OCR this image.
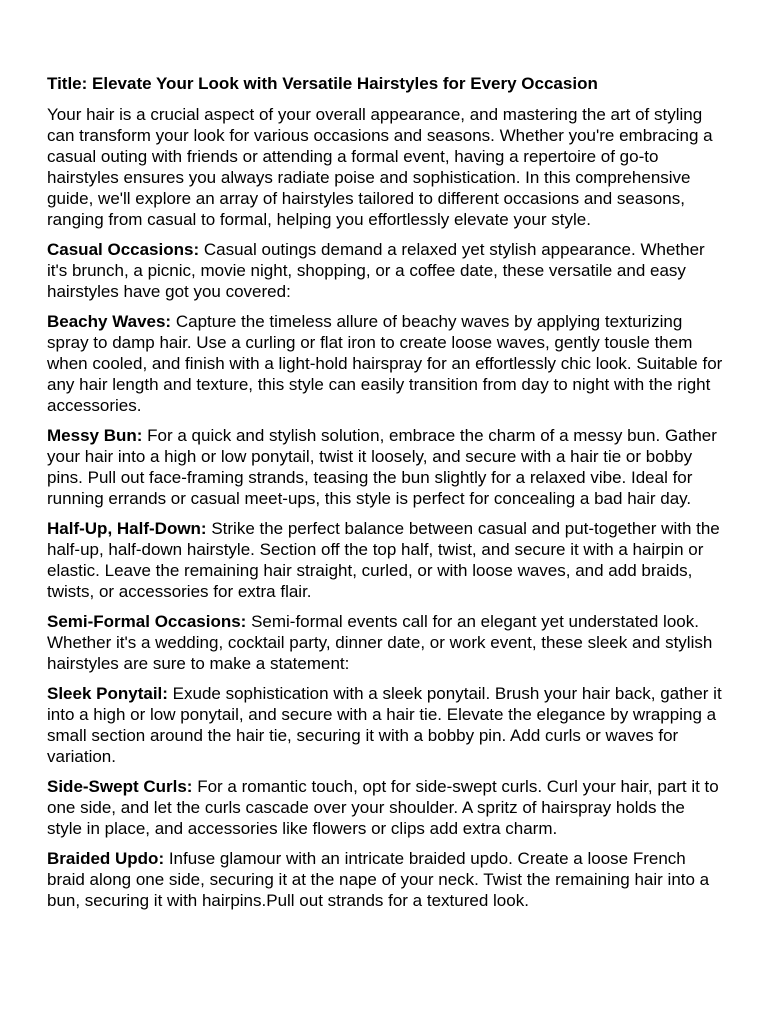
Title: Elevate Your Look with Versatile Hairstyles for Every Occasion

Your hair is a crucial aspect of your overall appearance, and mastering the art of styling can transform your look for various occasions and seasons. Whether you're embracing a casual outing with friends or attending a formal event, having a repertoire of go-to hairstyles ensures you always radiate poise and sophistication. In this comprehensive guide, we'll explore an array of hairstyles tailored to different occasions and seasons, ranging from casual to formal, helping you effortlessly elevate your style.

Casual Occasions: Casual outings demand a relaxed yet stylish appearance. Whether it's brunch, a picnic, movie night, shopping, or a coffee date, these versatile and easy hairstyles have got you covered:

Beachy Waves: Capture the timeless allure of beachy waves by applying texturizing spray to damp hair. Use a curling or flat iron to create loose waves, gently tousle them when cooled, and finish with a light-hold hairspray for an effortlessly chic look. Suitable for any hair length and texture, this style can easily transition from day to night with the right accessories.

Messy Bun: For a quick and stylish solution, embrace the charm of a messy bun. Gather your hair into a high or low ponytail, twist it loosely, and secure with a hair tie or bobby pins. Pull out face-framing strands, teasing the bun slightly for a relaxed vibe. Ideal for running errands or casual meet-ups, this style is perfect for concealing a bad hair day.

Half-Up, Half-Down: Strike the perfect balance between casual and put-together with the half-up, half-down hairstyle. Section off the top half, twist, and secure it with a hairpin or elastic. Leave the remaining hair straight, curled, or with loose waves, and add braids, twists, or accessories for extra flair.

Semi-Formal Occasions: Semi-formal events call for an elegant yet understated look. Whether it's a wedding, cocktail party, dinner date, or work event, these sleek and stylish hairstyles are sure to make a statement:

Sleek Ponytail: Exude sophistication with a sleek ponytail. Brush your hair back, gather it into a high or low ponytail, and secure with a hair tie. Elevate the elegance by wrapping a small section around the hair tie, securing it with a bobby pin. Add curls or waves for variation.

Side-Swept Curls: For a romantic touch, opt for side-swept curls. Curl your hair, part it to one side, and let the curls cascade over your shoulder. A spritz of hairspray holds the style in place, and accessories like flowers or clips add extra charm.

Braided Updo: Infuse glamour with an intricate braided updo. Create a loose French braid along one side, securing it at the nape of your neck. Twist the remaining hair into a bun, securing it with hairpins.Pull out strands for a textured look.
